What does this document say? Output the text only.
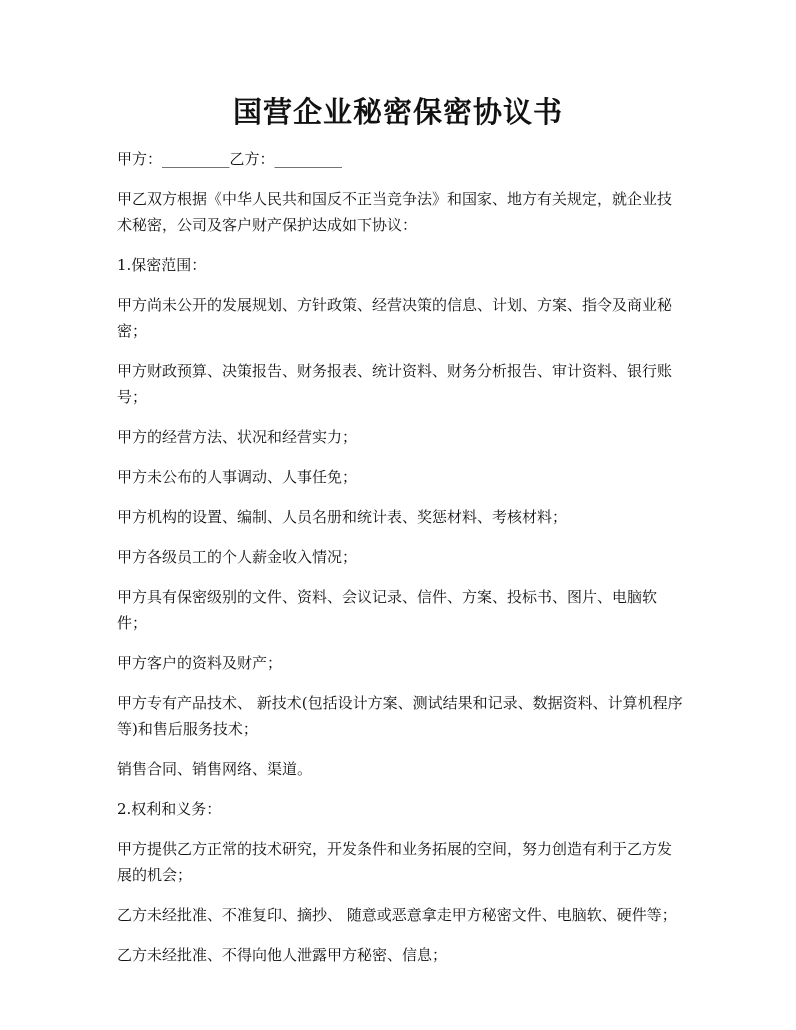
国营企业秘密保密协议书

甲方：_________乙方：_________

甲乙双方根据《中华人民共和国反不正当竞争法》和国家、地方有关规定，就企业技术秘密，公司及客户财产保护达成如下协议：

1.保密范围：

甲方尚未公开的发展规划、方针政策、经营决策的信息、计划、方案、指令及商业秘密；

甲方财政预算、决策报告、财务报表、统计资料、财务分析报告、审计资料、银行账号；

甲方的经营方法、状况和经营实力；

甲方未公布的人事调动、人事任免；

甲方机构的设置、编制、人员名册和统计表、奖惩材料、考核材料；

甲方各级员工的个人薪金收入情况；

甲方具有保密级别的文件、资料、会议记录、信件、方案、投标书、图片、电脑软件；

甲方客户的资料及财产；

甲方专有产品技术、 新技术(包括设计方案、测试结果和记录、数据资料、计算机程序等)和售后服务技术；

销售合同、销售网络、渠道。

2.权利和义务：

甲方提供乙方正常的技术研究，开发条件和业务拓展的空间，努力创造有利于乙方发展的机会；

乙方未经批准、不准复印、摘抄、 随意或恶意拿走甲方秘密文件、电脑软、硬件等；

乙方未经批准、不得向他人泄露甲方秘密、信息；
